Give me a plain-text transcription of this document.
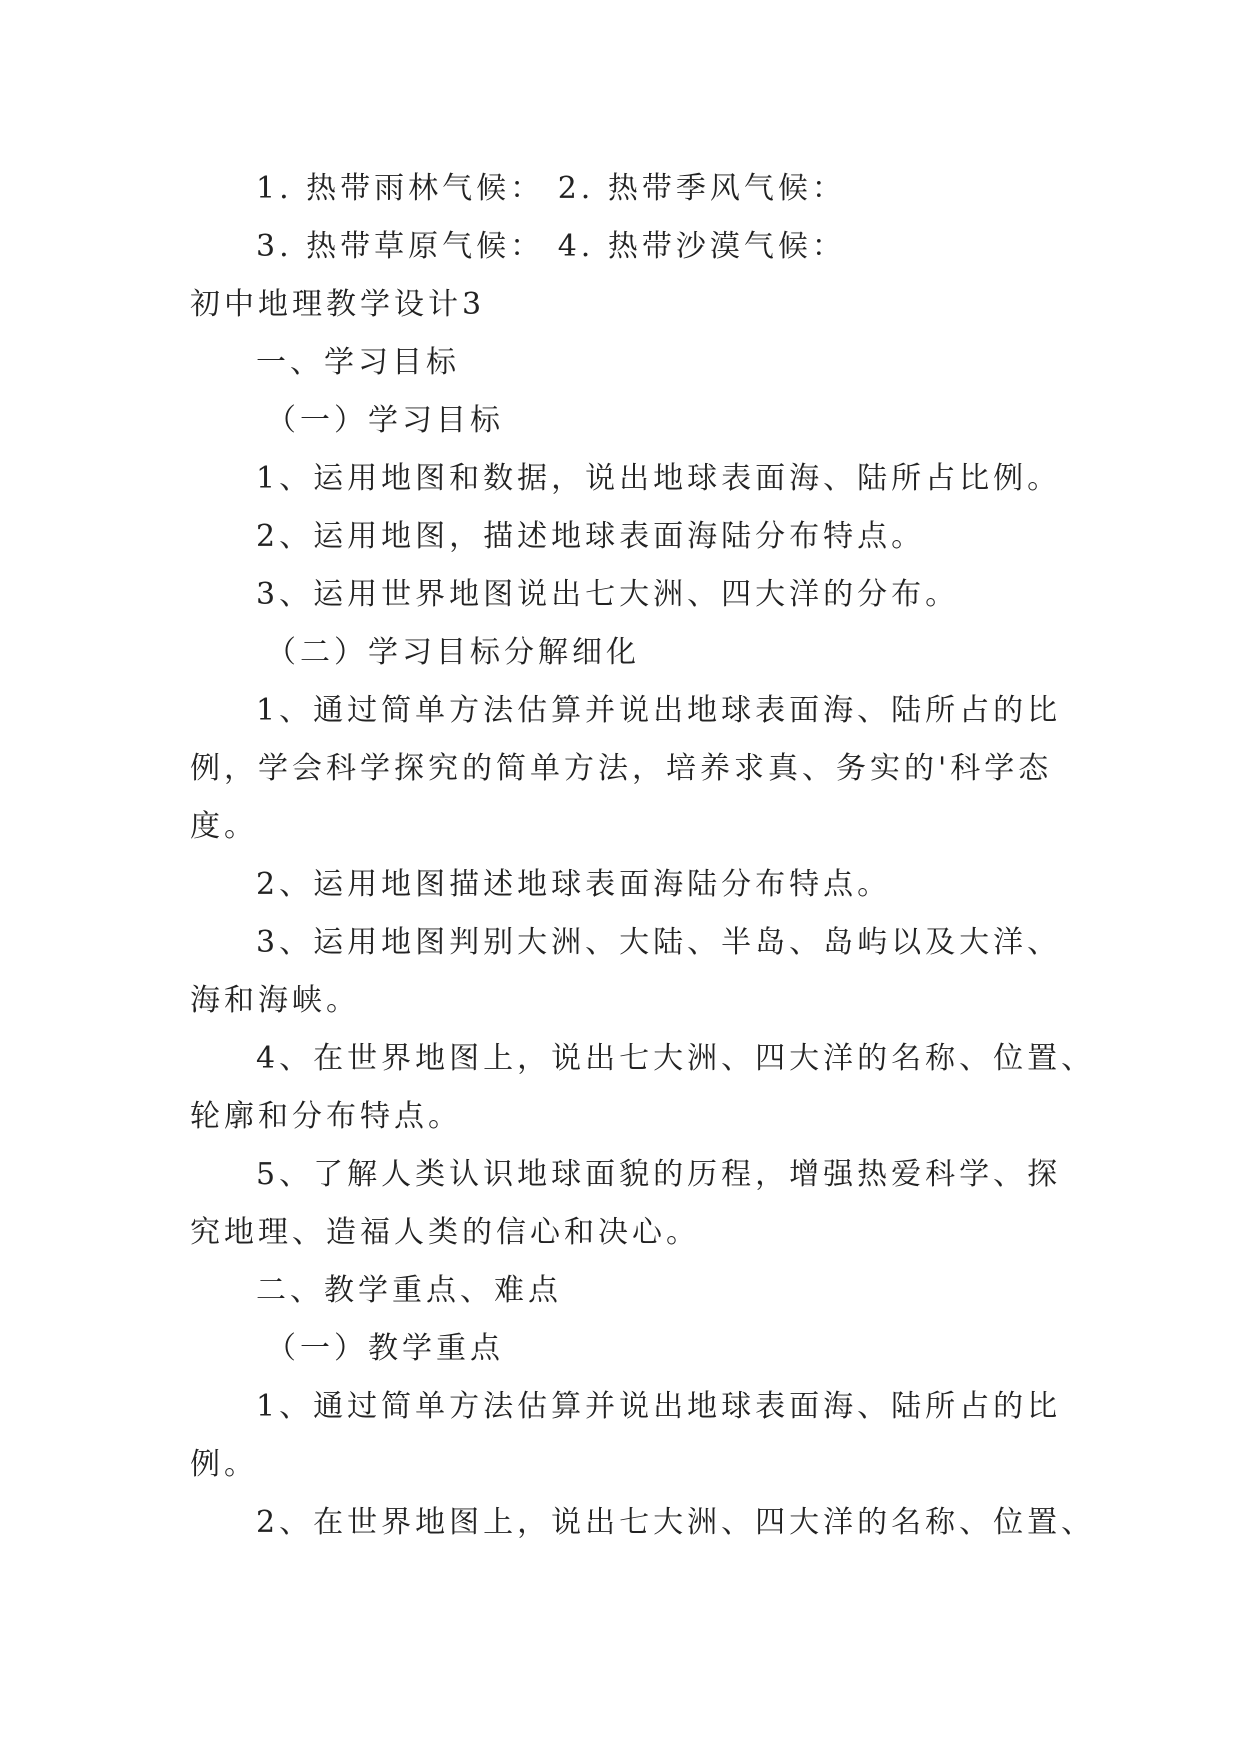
1. 热带雨林气候： 2. 热带季风气候：
3. 热带草原气候： 4. 热带沙漠气候：
初中地理教学设计3
一、学习目标
（一）学习目标
1、运用地图和数据，说出地球表面海、陆所占比例。
2、运用地图，描述地球表面海陆分布特点。
3、运用世界地图说出七大洲、四大洋的分布。
（二）学习目标分解细化
1、通过简单方法估算并说出地球表面海、陆所占的比
例，学会科学探究的简单方法，培养求真、务实的'科学态
度。
2、运用地图描述地球表面海陆分布特点。
3、运用地图判别大洲、大陆、半岛、岛屿以及大洋、
海和海峡。
4、在世界地图上，说出七大洲、四大洋的名称、位置、
轮廓和分布特点。
5、了解人类认识地球面貌的历程，增强热爱科学、探
究地理、造福人类的信心和决心。
二、教学重点、难点
（一）教学重点
1、通过简单方法估算并说出地球表面海、陆所占的比
例。
2、在世界地图上，说出七大洲、四大洋的名称、位置、
